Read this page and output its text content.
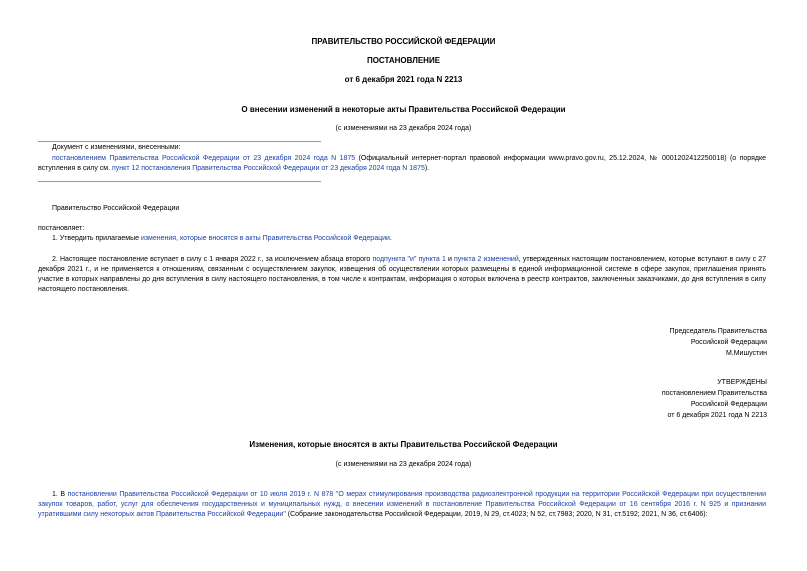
ПРАВИТЕЛЬСТВО РОССИЙСКОЙ ФЕДЕРАЦИИ
ПОСТАНОВЛЕНИЕ
от 6 декабря 2021 года N 2213
О внесении изменений в некоторые акты Правительства Российской Федерации
(с изменениями на 23 декабря 2024 года)
Документ с изменениями, внесенными:
постановлением Правительства Российской Федерации от 23 декабря 2024 года N 1875 (Официальный интернет-портал правовой информации www.pravo.gov.ru, 25.12.2024, № 0001202412250018) (о порядке вступления в силу см. пункт 12 постановления Правительства Российской Федерации от 23 декабря 2024 года N 1875).
Правительство Российской Федерации
постановляет:
1. Утвердить прилагаемые изменения, которые вносятся в акты Правительства Российской Федерации.
2. Настоящее постановление вступает в силу с 1 января 2022 г., за исключением абзаца второго подпункта "и" пункта 1 и пункта 2 изменений, утвержденных настоящим постановлением, которые вступают в силу с 27 декабря 2021 г., и не применяется к отношениям, связанным с осуществлением закупок, извещения об осуществлении которых размещены в единой информационной системе в сфере закупок, приглашения принять участие в которых направлены до дня вступления в силу настоящего постановления, в том числе к контрактам, информация о которых включена в реестр контрактов, заключенных заказчиками, до дня вступления в силу настоящего постановления.
Председатель Правительства
Российской Федерации
М.Мишустин
УТВЕРЖДЕНЫ
постановлением Правительства
Российской Федерации
от 6 декабря 2021 года N 2213
Изменения, которые вносятся в акты Правительства Российской Федерации
(с изменениями на 23 декабря 2024 года)
1. В постановлении Правительства Российской Федерации от 10 июля 2019 г. N 878 "О мерах стимулирования производства радиоэлектронной продукции на территории Российской Федерации при осуществлении закупок товаров, работ, услуг для обеспечения государственных и муниципальных нужд, о внесении изменений в постановление Правительства Российской Федерации от 16 сентября 2016 г. N 925 и признании утратившими силу некоторых актов Правительства Российской Федерации" (Собрание законодательства Российской Федерации, 2019, N 29, ст.4023; N 52, ст.7983; 2020, N 31, ст.5192; 2021, N 36, ст.6406):
